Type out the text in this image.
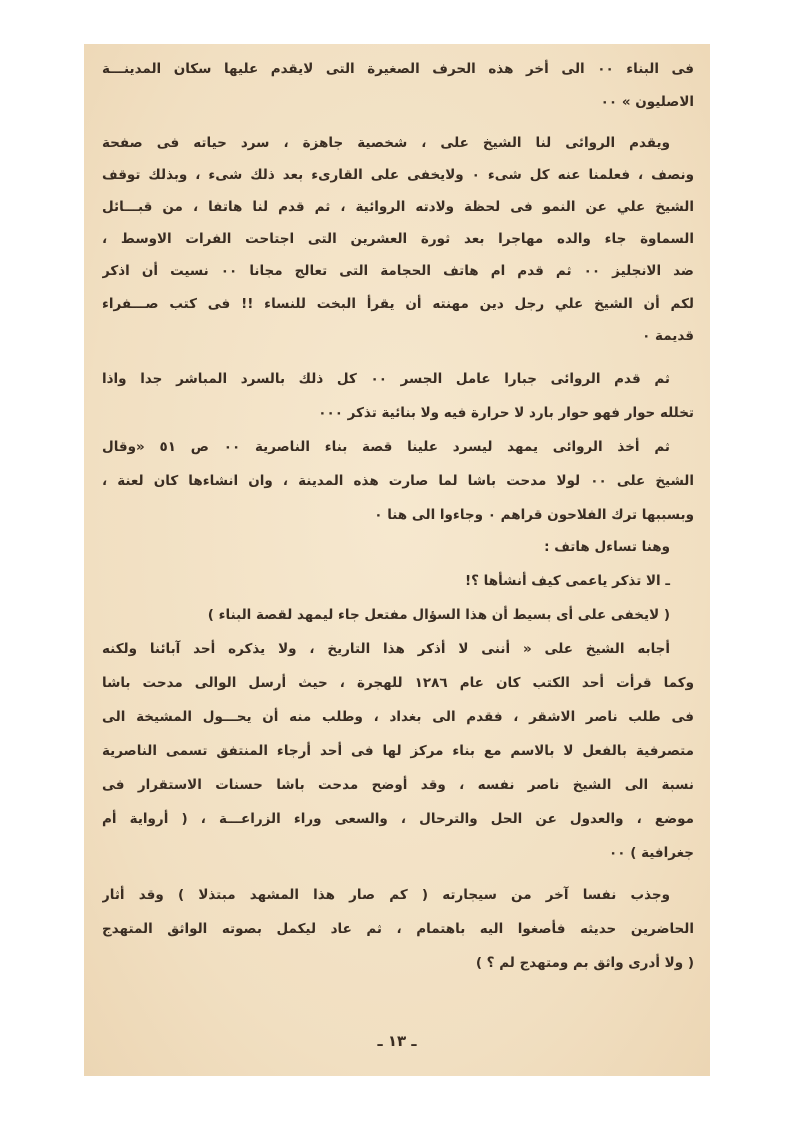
فى البناء ٠٠ الى أخر هذه الحرف الصغيرة التى لايقدم عليها سكان المدينـــة
الاصليون » ٠٠
ويقدم الروائى لنا الشيخ على ، شخصية جاهزة ، سرد حياته فى صفحة
ونصف ، فعلمنا عنه كل شىء ٠ ولايخفى على القارىء بعد ذلك شىء ، وبذلك توقف
الشيخ علي عن النمو فى لحظة ولادته الروائية ، ثم قدم لنا هاتفا ، من قبـــائل
السماوة جاء والده مهاجرا بعد ثورة العشرين التى اجتاحت الفرات الاوسط ،
ضد الانجليز ٠٠ ثم قدم ام هاتف الحجامة التى تعالج مجانا ٠٠ نسيت أن اذكر
لكم أن الشيخ علي رجل دين مهنته أن يقرأ البخت للنساء !! فى كتب صـــفراء
قديمة ٠
ثم قدم الروائى جبارا عامل الجسر ٠٠ كل ذلك بالسرد المباشر جدا واذا
تخلله حوار فهو حوار بارد لا حرارة فيه ولا بنائية تذكر ٠٠٠
ثم أخذ الروائى يمهد ليسرد علينا قصة بناء الناصرية ٠٠ ص ٥١ «وقال
الشيخ على ٠٠ لولا مدحت باشا لما صارت هذه المدينة ، وان انشاءها كان لعنة ،
وبسببها ترك الفلاحون قراهم ٠ وجاءوا الى هنا ٠
وهنا تساءل هاتف :
ـ الا تذكر ياعمى كيف أنشأها ؟!
( لايخفى على أى بسيط أن هذا السؤال مفتعل جاء ليمهد لقصة البناء )
أجابه الشيخ على « أننى لا أذكر هذا التاريخ ، ولا يذكره أحد آبائنا ولكنه
وكما قرأت أحد الكتب كان عام ١٢٨٦ للهجرة ، حيث أرسل الوالى مدحت باشا
فى طلب ناصر الاشقر ، فقدم الى بغداد ، وطلب منه أن يحـــول المشيخة الى
متصرفية بالفعل لا بالاسم مع بناء مركز لها فى أحد أرجاء المنتفق تسمى الناصرية
نسبة الى الشيخ ناصر نفسه ، وقد أوضح مدحت باشا حسنات الاستقرار فى
موضع ، والعدول عن الحل والترحال ، والسعى وراء الزراعـــة ، ( أرواية أم
جغرافية ) ٠٠
وجذب نفسا آخر من سيجارته ( كم صار هذا المشهد مبتذلا ) وقد أثار
الحاضرين حديثه فأصغوا اليه باهتمام ، ثم عاد ليكمل بصوته الواثق المتهدج
( ولا أدرى واثق بم ومتهدج لم ؟ )
ـ ١٣ ـ
